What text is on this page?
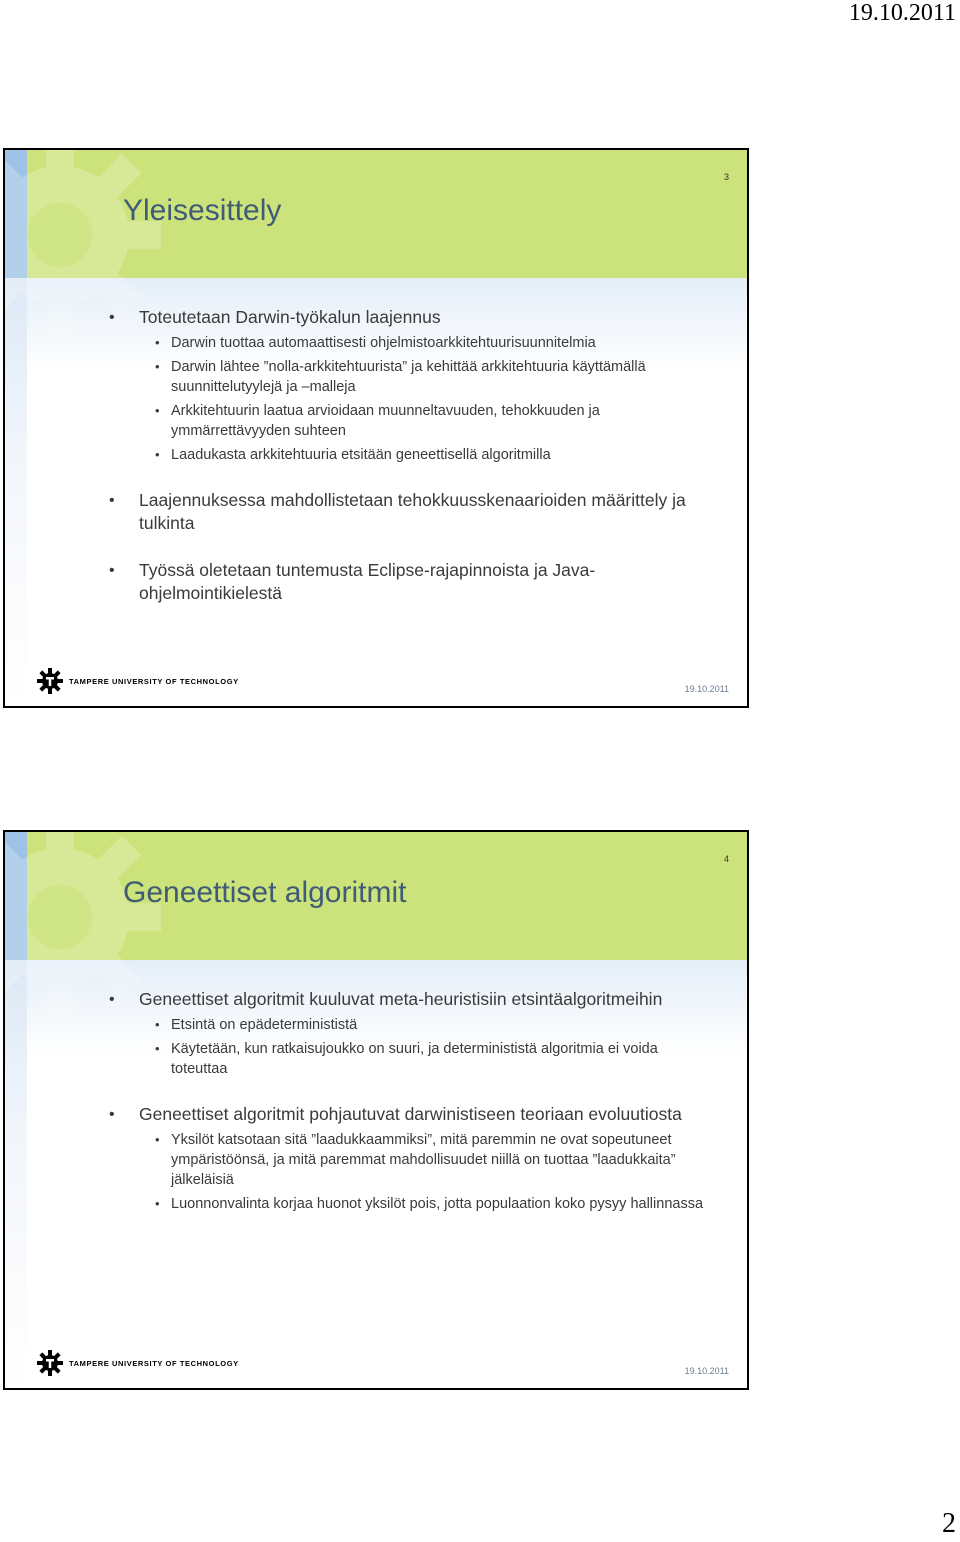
19.10.2011
3
Yleisesittely
• Toteutetaan Darwin-työkalun laajennus
• Darwin tuottaa automaattisesti ohjelmistoarkkitehtuurisuunnitelmia
• Darwin lähtee ”nolla-arkkitehtuurista” ja kehittää arkkitehtuuria käyttämällä suunnittelutyylejä ja –malleja
• Arkkitehtuurin laatua arvioidaan muunneltavuuden, tehokkuuden ja ymmärrettävyyden suhteen
• Laadukasta arkkitehtuuria etsitään geneettisellä algoritmilla
• Laajennuksessa mahdollistetaan tehokkuusskenaarioiden määrittely ja tulkinta
• Työssä oletetaan tuntemusta Eclipse-rajapinnoista ja Java-ohjelmointikielestä
TAMPERE UNIVERSITY OF TECHNOLOGY
19.10.2011
4
Geneettiset algoritmit
• Geneettiset algoritmit kuuluvat meta-heuristisiin etsintäalgoritmeihin
• Etsintä on epädeterminististä
• Käytetään, kun ratkaisujoukko on suuri, ja determinististä algoritmia ei voida toteuttaa
• Geneettiset algoritmit pohjautuvat darwinistiseen teoriaan evoluutiosta
• Yksilöt katsotaan sitä ”laadukkaammiksi”, mitä paremmin ne ovat sopeutuneet ympäristöönsä, ja mitä paremmat mahdollisuudet niillä on tuottaa ”laadukkaita” jälkeläisiä
• Luonnonvalinta korjaa huonot yksilöt pois, jotta populaation koko pysyy hallinnassa
TAMPERE UNIVERSITY OF TECHNOLOGY
19.10.2011
2
